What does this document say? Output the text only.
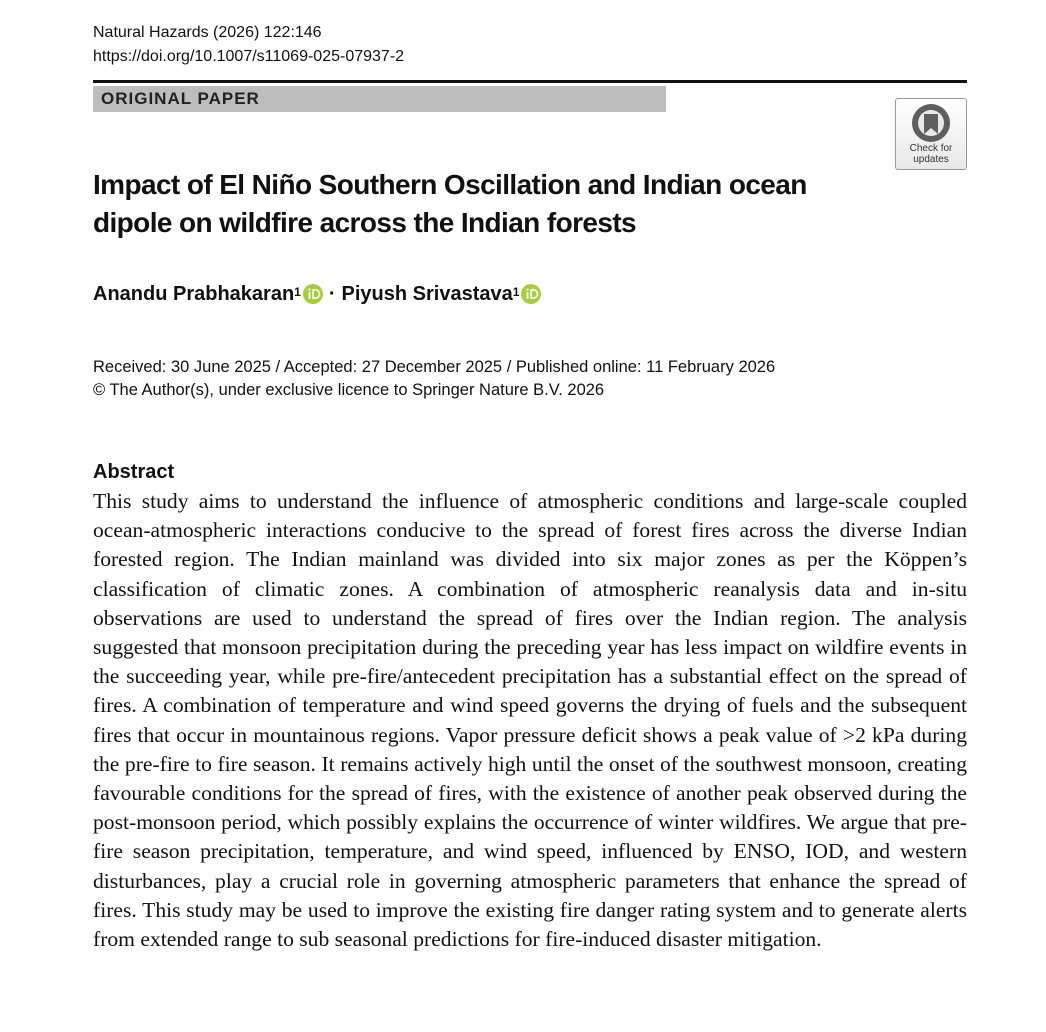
Natural Hazards (2026) 122:146
https://doi.org/10.1007/s11069-025-07937-2
ORIGINAL PAPER
Check for
updates
Impact of El Niño Southern Oscillation and Indian ocean dipole on wildfire across the Indian forests
Anandu Prabhakaran$^1$ · Piyush Srivastava$^1$
Received: 30 June 2025 / Accepted: 27 December 2025 / Published online: 11 February 2026
© The Author(s), under exclusive licence to Springer Nature B.V. 2026
Abstract
This study aims to understand the influence of atmospheric conditions and large-scale coupled ocean-atmospheric interactions conducive to the spread of forest fires across the diverse Indian forested region. The Indian mainland was divided into six major zones as per the Köppen’s classification of climatic zones. A combination of atmospheric reanalysis data and in-situ observations are used to understand the spread of fires over the Indian region. The analysis suggested that monsoon precipitation during the preceding year has less impact on wildfire events in the succeeding year, while pre-fire/antecedent precipitation has a substantial effect on the spread of fires. A combination of temperature and wind speed governs the drying of fuels and the subsequent fires that occur in mountainous regions. Vapor pressure deficit shows a peak value of >2 kPa during the pre-fire to fire season. It remains actively high until the onset of the southwest monsoon, creating favourable conditions for the spread of fires, with the existence of another peak observed during the post-monsoon period, which possibly explains the occurrence of winter wildfires. We argue that pre-fire season precipitation, temperature, and wind speed, influenced by ENSO, IOD, and western disturbances, play a crucial role in governing atmospheric parameters that enhance the spread of fires. This study may be used to improve the existing fire danger rating system and to generate alerts from extended range to sub seasonal predictions for fire-induced disaster mitigation.
